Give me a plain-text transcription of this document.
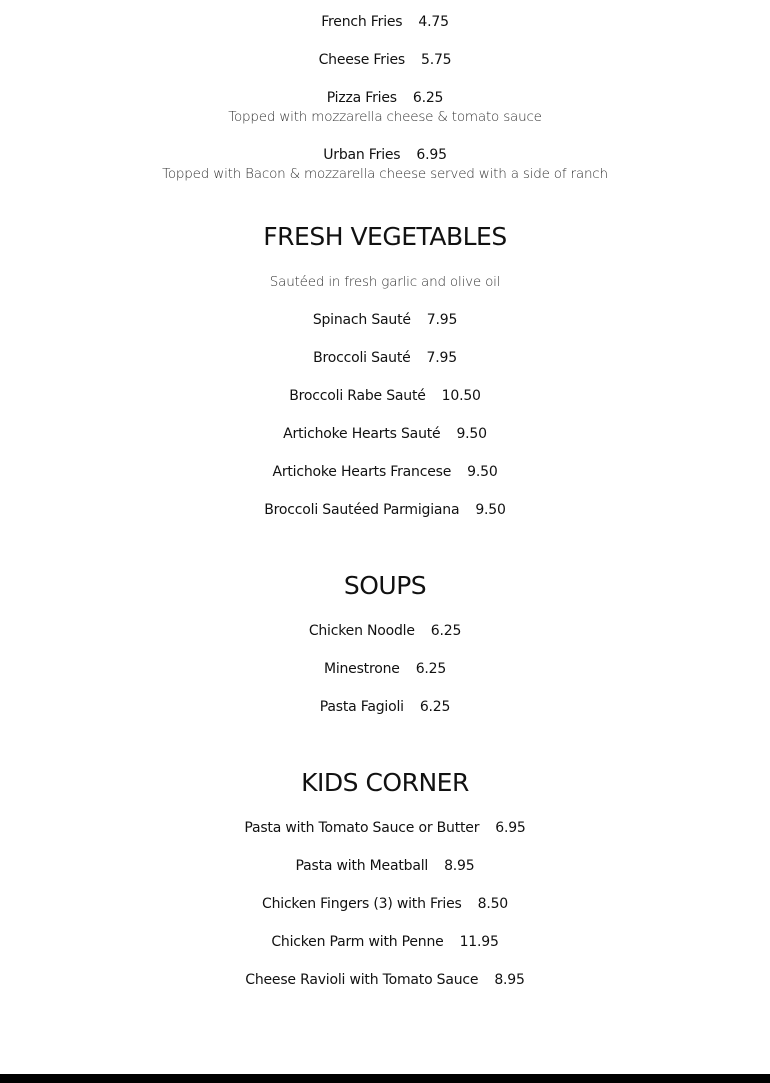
French Fries 4.75
Cheese Fries 5.75
Pizza Fries 6.25
Topped with mozzarella cheese & tomato sauce
Urban Fries 6.95
Topped with Bacon & mozzarella cheese served with a side of ranch
FRESH VEGETABLES
Sautéed in fresh garlic and olive oil
Spinach Sauté 7.95
Broccoli Sauté 7.95
Broccoli Rabe Sauté 10.50
Artichoke Hearts Sauté 9.50
Artichoke Hearts Francese 9.50
Broccoli Sautéed Parmigiana 9.50
SOUPS
Chicken Noodle 6.25
Minestrone 6.25
Pasta Fagioli 6.25
KIDS CORNER
Pasta with Tomato Sauce or Butter 6.95
Pasta with Meatball 8.95
Chicken Fingers (3) with Fries 8.50
Chicken Parm with Penne 11.95
Cheese Ravioli with Tomato Sauce 8.95
